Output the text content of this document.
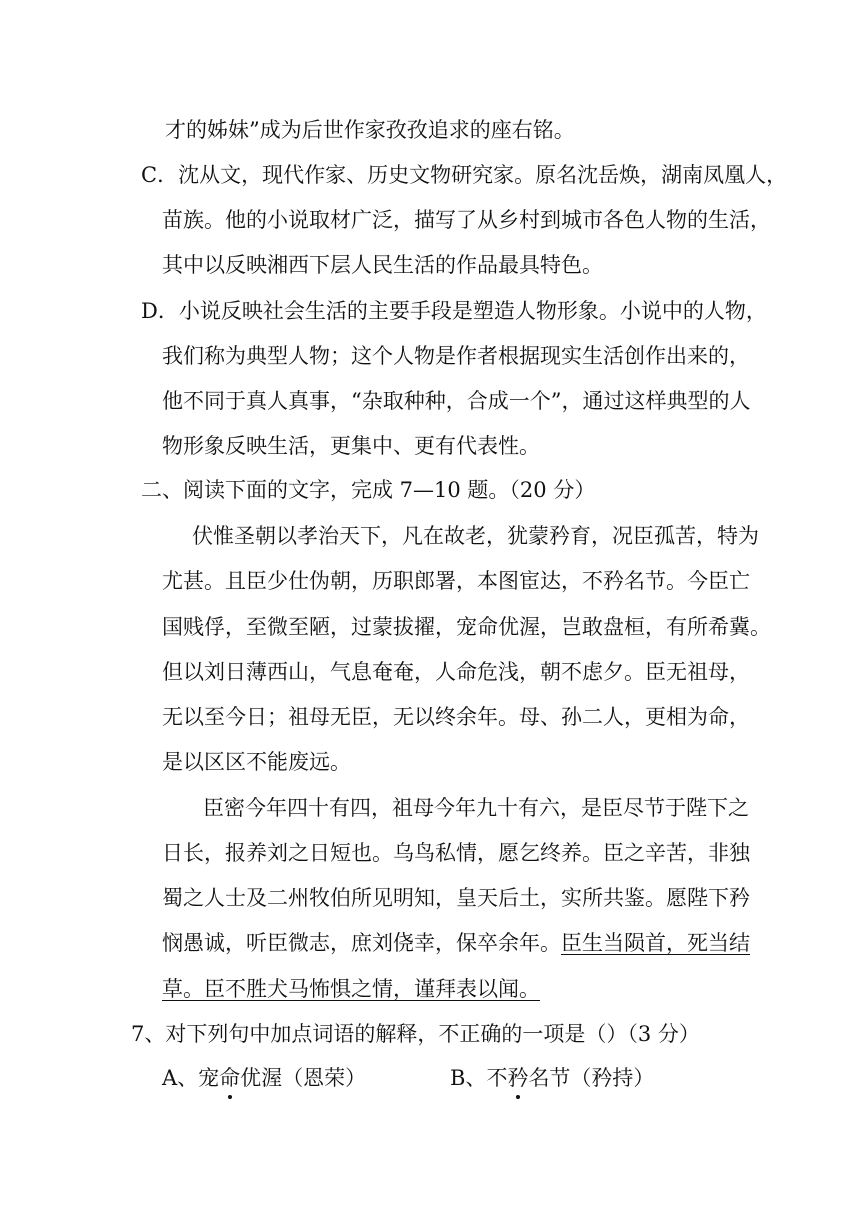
才的姊妹”成为后世作家孜孜追求的座右铭。
C．沈从文，现代作家、历史文物研究家。原名沈岳焕，湖南凤凰人，
苗族。他的小说取材广泛，描写了从乡村到城市各色人物的生活，
其中以反映湘西下层人民生活的作品最具特色。
D．小说反映社会生活的主要手段是塑造人物形象。小说中的人物，
我们称为典型人物；这个人物是作者根据现实生活创作出来的，
他不同于真人真事，“杂取种种，合成一个”，通过这样典型的人
物形象反映生活，更集中、更有代表性。
二、阅读下面的文字，完成 7—10 题。（20 分）
伏惟圣朝以孝治天下，凡在故老，犹蒙矜育，况臣孤苦，特为
尤甚。且臣少仕伪朝，历职郎署，本图宦达，不矜名节。今臣亡
国贱俘，至微至陋，过蒙拔擢，宠命优渥，岂敢盘桓，有所希冀。
但以刘日薄西山，气息奄奄，人命危浅，朝不虑夕。臣无祖母，
无以至今日；祖母无臣，无以终余年。母、孙二人，更相为命，
是以区区不能废远。
臣密今年四十有四，祖母今年九十有六，是臣尽节于陛下之
日长，报养刘之日短也。乌鸟私情，愿乞终养。臣之辛苦，非独
蜀之人士及二州牧伯所见明知，皇天后土，实所共鉴。愿陛下矜
悯愚诚，听臣微志，庶刘侥幸，保卒余年。臣生当陨首，死当结
草。臣不胜犬马怖惧之情，谨拜表以闻。
7、对下列句中加点词语的解释，不正确的一项是（）（3 分）
A、宠命优渥（恩荣）	B、不矜名节（矜持）
